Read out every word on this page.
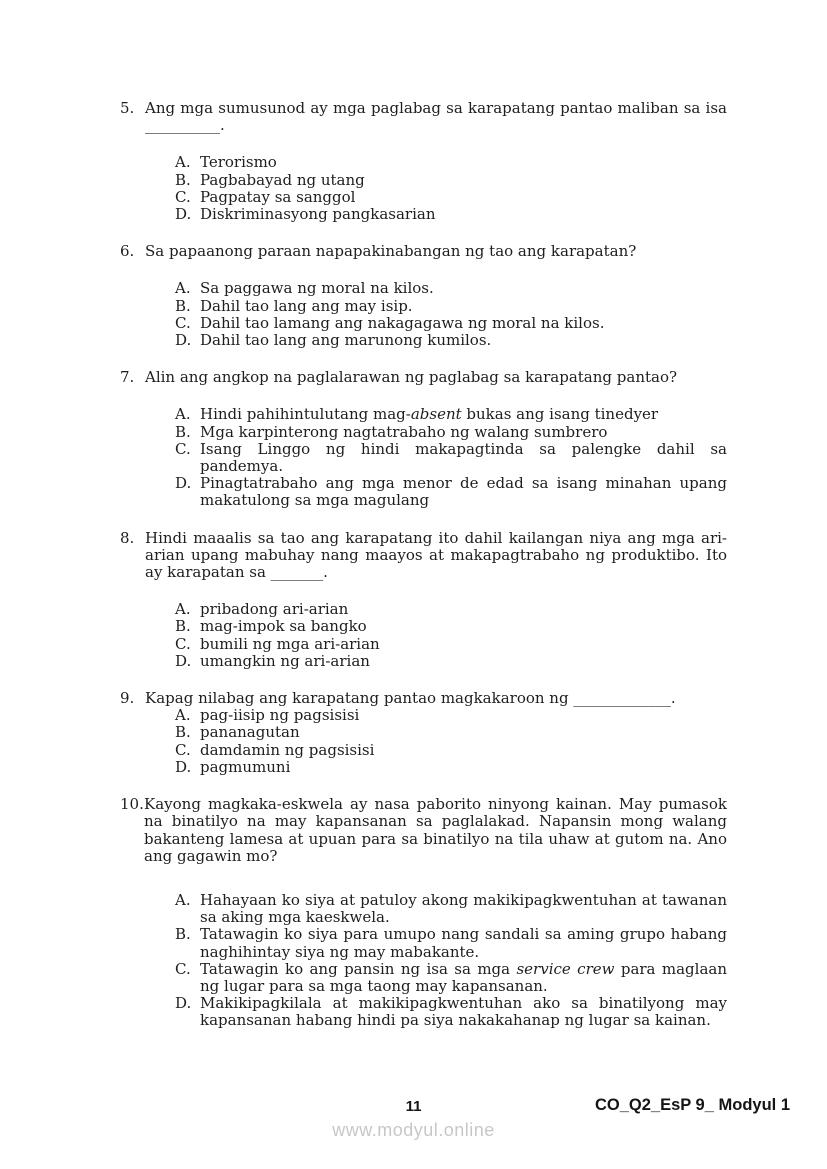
5. Ang mga sumusunod ay mga paglabag sa karapatang pantao maliban sa isa
__________.
A. Terorismo
B. Pagbabayad ng utang
C. Pagpatay sa sanggol
D. Diskriminasyong pangkasarian
6. Sa papaanong paraan napapakinabangan ng tao ang karapatan?
A. Sa paggawa ng moral na kilos.
B. Dahil tao lang ang may isip.
C. Dahil tao lamang ang nakagagawa ng moral na kilos.
D. Dahil tao lang ang marunong kumilos.
7. Alin ang angkop na paglalarawan ng paglabag sa karapatang pantao?
A. Hindi pahihintulutang mag-absent bukas ang isang tinedyer
B. Mga karpinterong nagtatrabaho ng walang sumbrero
C. Isang Linggo ng hindi makapagtinda sa palengke dahil sa pandemya.
D. Pinagtatrabaho ang mga menor de edad sa isang minahan upang makatulong sa mga magulang
8. Hindi maaalis sa tao ang karapatang ito dahil kailangan niya ang mga ari-arian upang mabuhay nang maayos at makapagtrabaho ng produktibo. Ito ay karapatan sa _______.
A. pribadong ari-arian
B. mag-impok sa bangko
C. bumili ng mga ari-arian
D. umangkin ng ari-arian
9. Kapag nilabag ang karapatang pantao magkakaroon ng _____________.
A. pag-iisip ng pagsisisi
B. pananagutan
C. damdamin ng pagsisisi
D. pagmumuni
10. Kayong magkaka-eskwela ay nasa paborito ninyong kainan. May pumasok na binatilyo na may kapansanan sa paglalakad. Napansin mong walang bakanteng lamesa at upuan para sa binatilyo na tila uhaw at gutom na. Ano ang gagawin mo?
A. Hahayaan ko siya at patuloy akong makikipagkwentuhan at tawanan sa aking mga kaeskwela.
B. Tatawagin ko siya para umupo nang sandali sa aming grupo habang naghihintay siya ng may mabakante.
C. Tatawagin ko ang pansin ng isa sa mga service crew para maglaan ng lugar para sa mga taong may kapansanan.
D. Makikipagkilala at makikipagkwentuhan ako sa binatilyong may kapansanan habang hindi pa siya nakakahanap ng lugar sa kainan.
11	CO_Q2_EsP 9_ Modyul 1
www.modyul.online
